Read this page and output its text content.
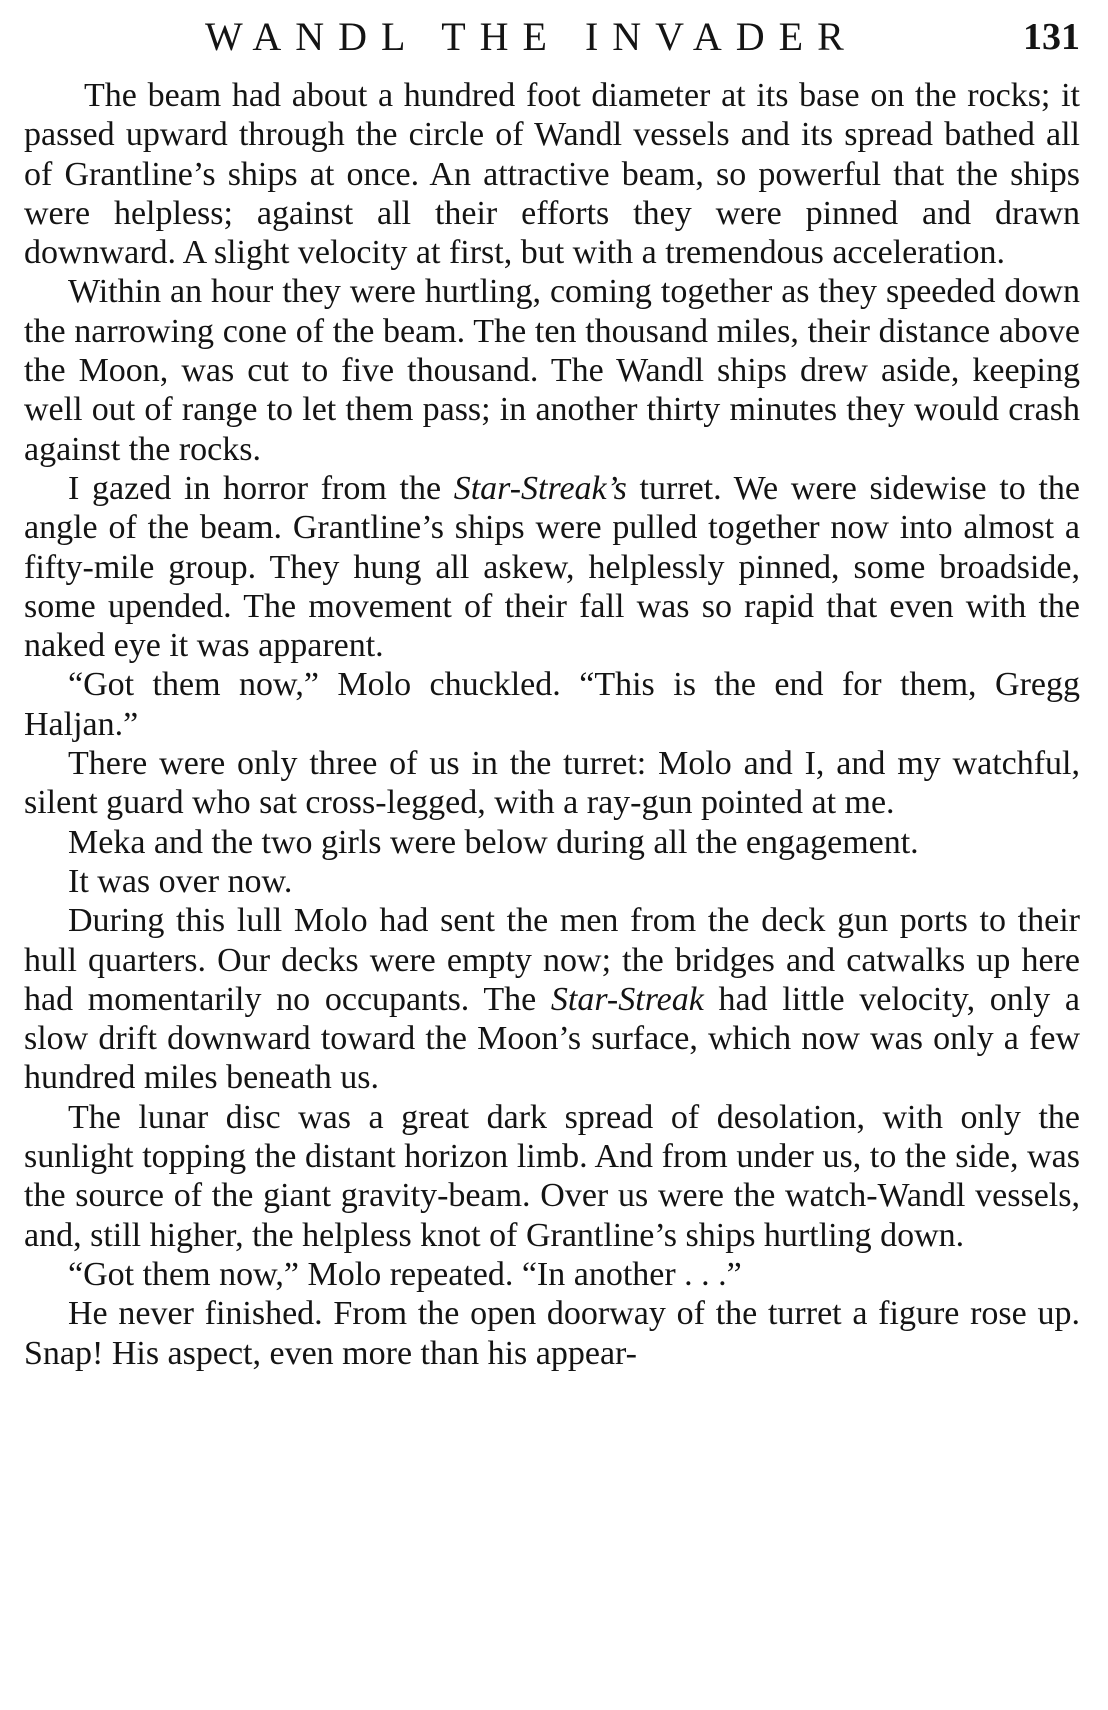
WANDL THE INVADER	131

The beam had about a hundred foot diameter at its base on the rocks; it passed upward through the circle of Wandl vessels and its spread bathed all of Grantline’s ships at once. An attractive beam, so powerful that the ships were helpless; against all their efforts they were pinned and drawn downward. A slight velocity at first, but with a tremendous acceleration.

Within an hour they were hurtling, coming together as they speeded down the narrowing cone of the beam. The ten thousand miles, their distance above the Moon, was cut to five thousand. The Wandl ships drew aside, keeping well out of range to let them pass; in another thirty minutes they would crash against the rocks.

I gazed in horror from the Star-Streak’s turret. We were sidewise to the angle of the beam. Grantline’s ships were pulled together now into almost a fifty-mile group. They hung all askew, helplessly pinned, some broadside, some upended. The movement of their fall was so rapid that even with the naked eye it was apparent.

“Got them now,” Molo chuckled. “This is the end for them, Gregg Haljan.”

There were only three of us in the turret: Molo and I, and my watchful, silent guard who sat cross-legged, with a ray-gun pointed at me.

Meka and the two girls were below during all the engagement.

It was over now.

During this lull Molo had sent the men from the deck gun ports to their hull quarters. Our decks were empty now; the bridges and catwalks up here had momentarily no occupants. The Star-Streak had little velocity, only a slow drift downward toward the Moon’s surface, which now was only a few hundred miles beneath us.

The lunar disc was a great dark spread of desolation, with only the sunlight topping the distant horizon limb. And from under us, to the side, was the source of the giant gravity-beam. Over us were the watch-Wandl vessels, and, still higher, the helpless knot of Grantline’s ships hurtling down.

“Got them now,” Molo repeated. “In another . . .”

He never finished. From the open doorway of the turret a figure rose up. Snap! His aspect, even more than his appear-
